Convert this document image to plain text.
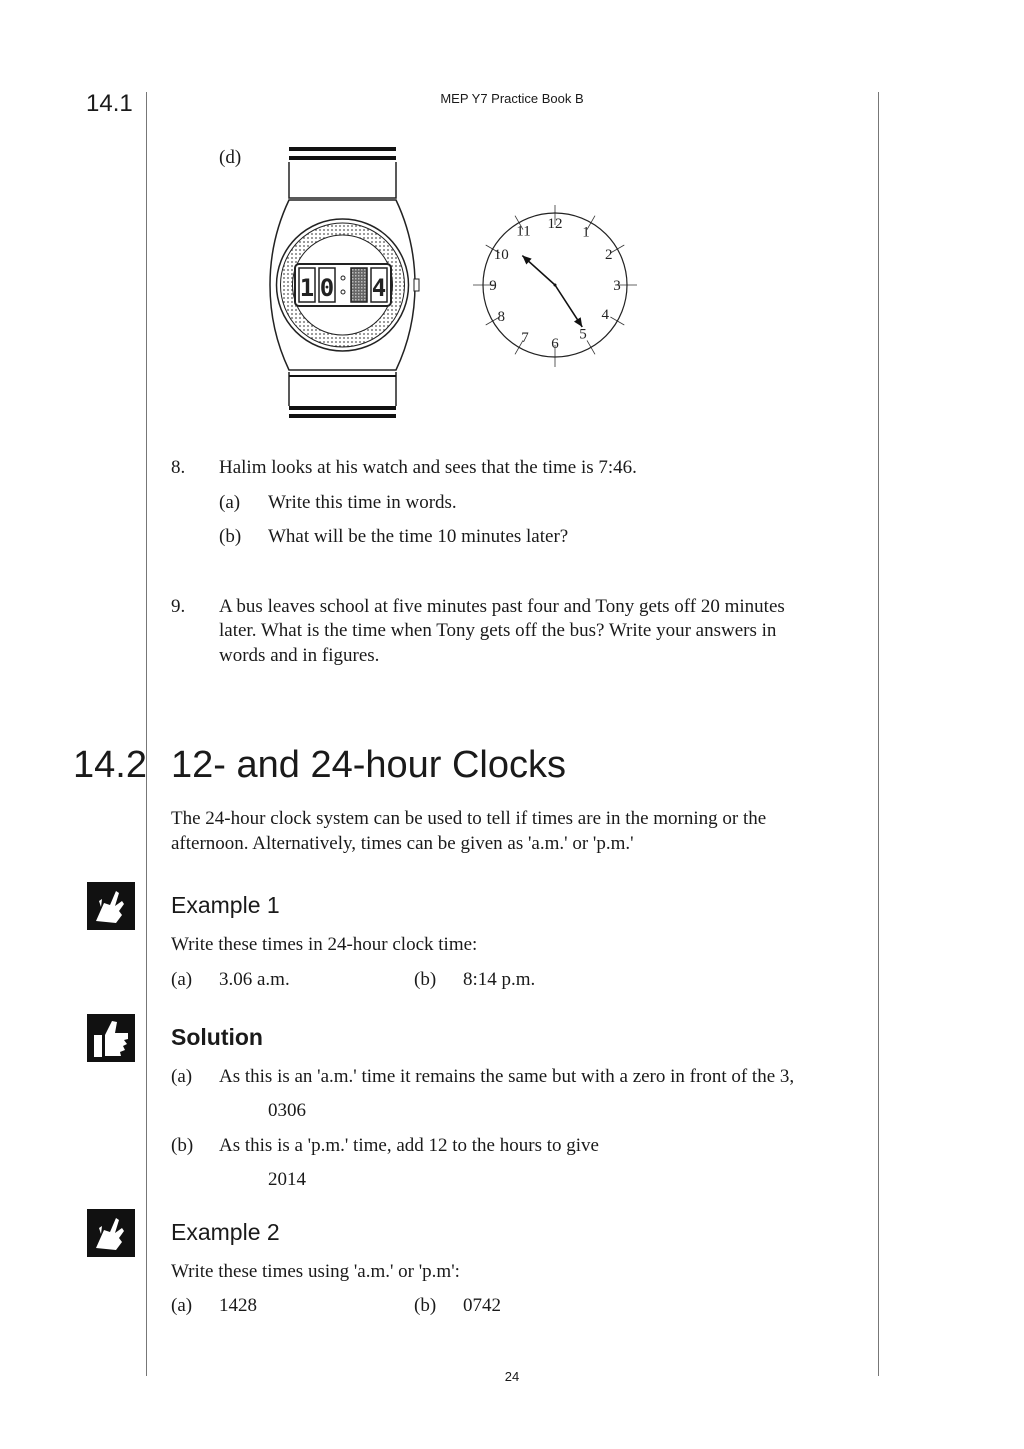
14.1	MEP Y7 Practice Book B
(d)
1 0 4
12
1
2
3
4
5
6
7
8
9
10
11
8. Halim looks at his watch and sees that the time is 7:46.
(a) Write this time in words.
(b) What will be the time 10 minutes later?
9. A bus leaves school at five minutes past four and Tony gets off 20 minutes
later. What is the time when Tony gets off the bus? Write your answers in
words and in figures.
14.2 12- and 24-hour Clocks
The 24-hour clock system can be used to tell if times are in the morning or the
afternoon. Alternatively, times can be given as 'a.m.' or 'p.m.'
Example 1
Write these times in 24-hour clock time:
(a) 3.06 a.m.	(b) 8:14 p.m.
Solution
(a) As this is an 'a.m.' time it remains the same but with a zero in front of the 3,
0306
(b) As this is a 'p.m.' time, add 12 to the hours to give
2014
Example 2
Write these times using 'a.m.' or 'p.m':
(a) 1428	(b) 0742
24
